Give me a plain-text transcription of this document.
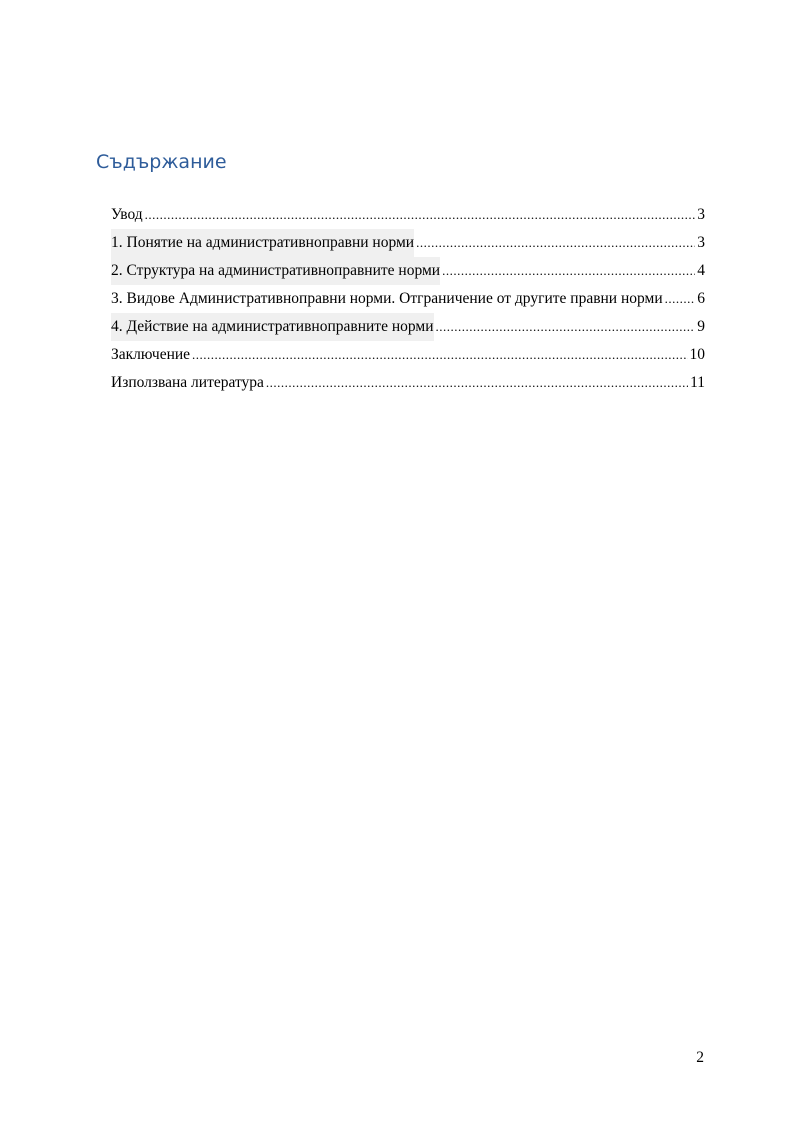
Съдържание
Увод .....	3
1. Понятие на административноправни норми .....	3
2. Структура на административноправните норми .....	4
3. Видове Административноправни норми. Отграничение от другите правни норми ..... 6
4. Действие на административноправните норми .....	9
Заключение .....	10
Използвана литература .....	11
2
